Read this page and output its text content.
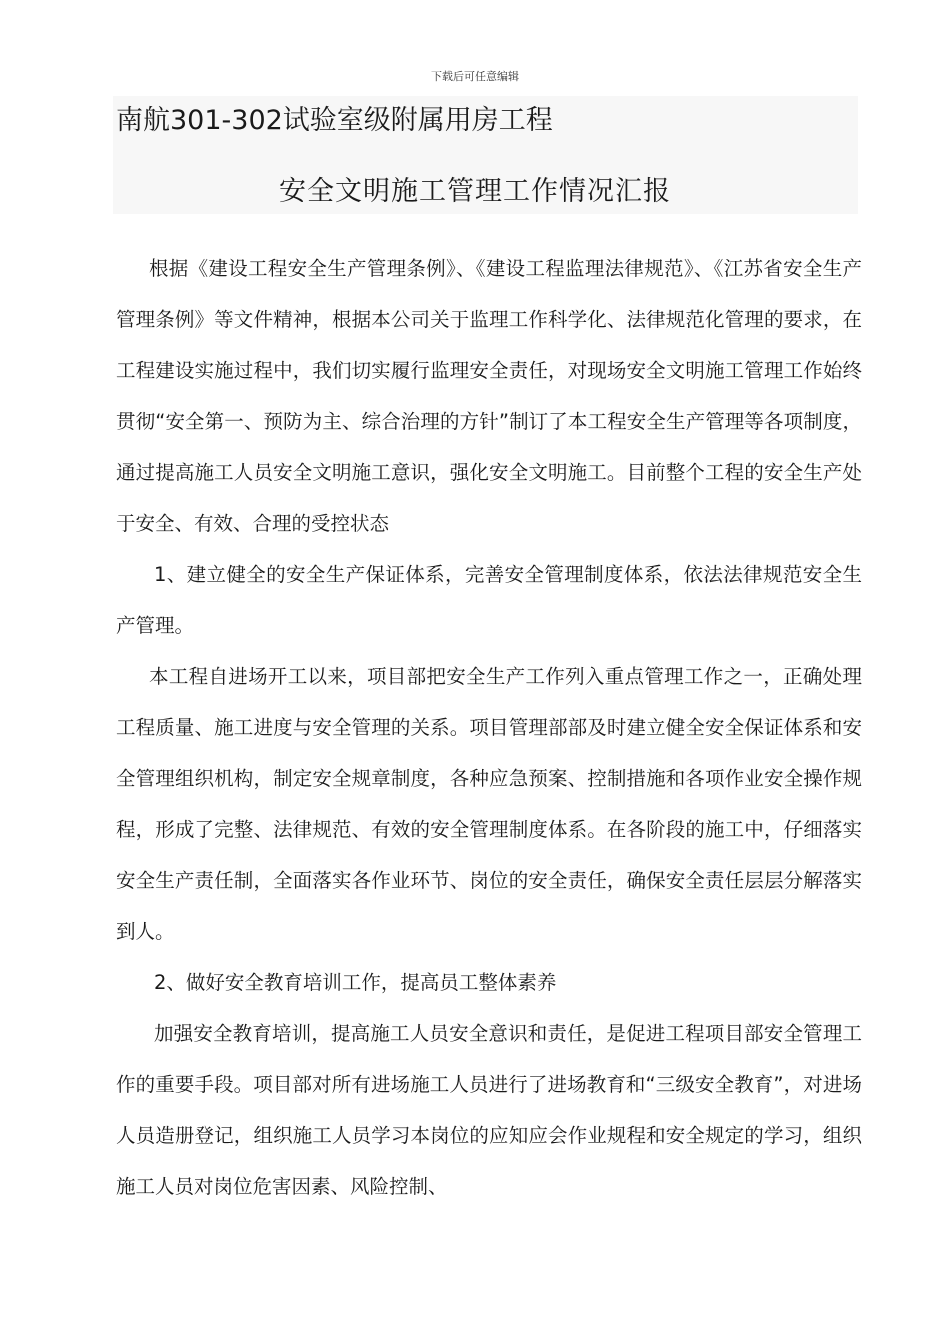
下载后可任意编辑
南航301-302试验室级附属用房工程
安全文明施工管理工作情况汇报

根据《建设工程安全生产管理条例》、《建设工程监理法律规范》、《江苏省安全生产管理条例》等文件精神，根据本公司关于监理工作科学化、法律规范化管理的要求，在工程建设实施过程中，我们切实履行监理安全责任，对现场安全文明施工管理工作始终贯彻“安全第一、预防为主、综合治理的方针”制订了本工程安全生产管理等各项制度，通过提高施工人员安全文明施工意识，强化安全文明施工。目前整个工程的安全生产处于安全、有效、合理的受控状态

1、建立健全的安全生产保证体系，完善安全管理制度体系，依法法律规范安全生产管理。

本工程自进场开工以来，项目部把安全生产工作列入重点管理工作之一，正确处理工程质量、施工进度与安全管理的关系。项目管理部部及时建立健全安全保证体系和安全管理组织机构，制定安全规章制度，各种应急预案、控制措施和各项作业安全操作规程，形成了完整、法律规范、有效的安全管理制度体系。在各阶段的施工中，仔细落实安全生产责任制，全面落实各作业环节、岗位的安全责任，确保安全责任层层分解落实到人。

2、做好安全教育培训工作，提高员工整体素养

加强安全教育培训，提高施工人员安全意识和责任，是促进工程项目部安全管理工作的重要手段。项目部对所有进场施工人员进行了进场教育和“三级安全教育”，对进场人员造册登记，组织施工人员学习本岗位的应知应会作业规程和安全规定的学习，组织施工人员对岗位危害因素、风险控制、
